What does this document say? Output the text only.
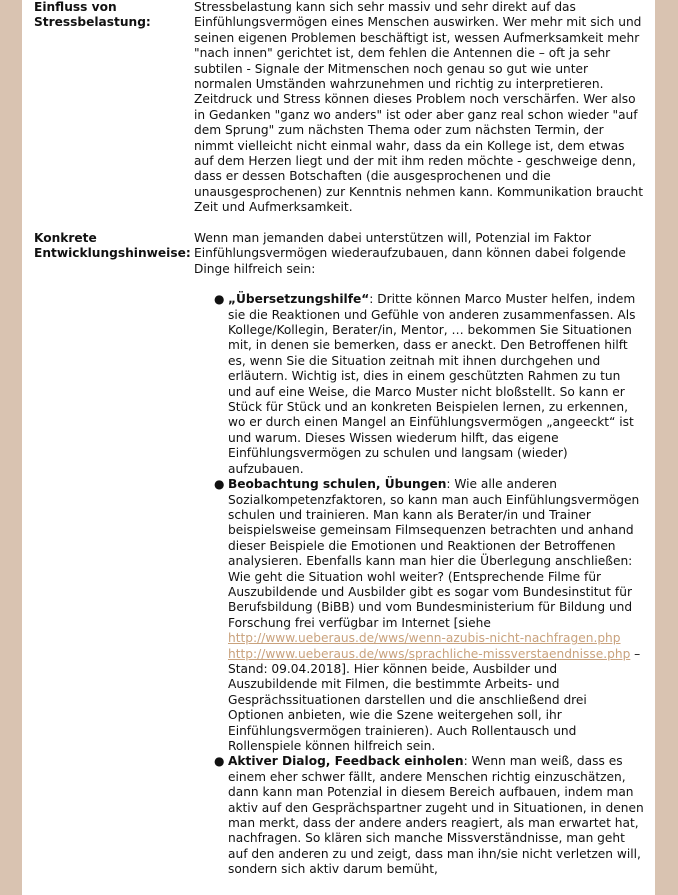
Einfluss von Stressbelastung:

Stressbelastung kann sich sehr massiv und sehr direkt auf das Einfühlungsvermögen eines Menschen auswirken. Wer mehr mit sich und seinen eigenen Problemen beschäftigt ist, wessen Aufmerksamkeit mehr "nach innen" gerichtet ist, dem fehlen die Antennen die – oft ja sehr subtilen - Signale der Mitmenschen noch genau so gut wie unter normalen Umständen wahrzunehmen und richtig zu interpretieren. Zeitdruck und Stress können dieses Problem noch verschärfen. Wer also in Gedanken "ganz wo anders" ist oder aber ganz real schon wieder "auf dem Sprung" zum nächsten Thema oder zum nächsten Termin, der nimmt vielleicht nicht einmal wahr, dass da ein Kollege ist, dem etwas auf dem Herzen liegt und der mit ihm reden möchte - geschweige denn, dass er dessen Botschaften (die ausgesprochenen und die unausgesprochenen) zur Kenntnis nehmen kann. Kommunikation braucht Zeit und Aufmerksamkeit.

Konkrete Entwicklungshinweise:

Wenn man jemanden dabei unterstützen will, Potenzial im Faktor Einfühlungsvermögen wiederaufzubauen, dann können dabei folgende Dinge hilfreich sein:

● „Übersetzungshilfe“: Dritte können Marco Muster helfen, indem sie die Reaktionen und Gefühle von anderen zusammenfassen. Als Kollege/Kollegin, Berater/in, Mentor, … bekommen Sie Situationen mit, in denen sie bemerken, dass er aneckt. Den Betroffenen hilft es, wenn Sie die Situation zeitnah mit ihnen durchgehen und erläutern. Wichtig ist, dies in einem geschützten Rahmen zu tun und auf eine Weise, die Marco Muster nicht bloßstellt. So kann er Stück für Stück und an konkreten Beispielen lernen, zu erkennen, wo er durch einen Mangel an Einfühlungsvermögen „angeeckt“ ist und warum. Dieses Wissen wiederum hilft, das eigene Einfühlungsvermögen zu schulen und langsam (wieder) aufzubauen.
● Beobachtung schulen, Übungen: Wie alle anderen Sozialkompetenzfaktoren, so kann man auch Einfühlungsvermögen schulen und trainieren. Man kann als Berater/in und Trainer beispielsweise gemeinsam Filmsequenzen betrachten und anhand dieser Beispiele die Emotionen und Reaktionen der Betroffenen analysieren. Ebenfalls kann man hier die Überlegung anschließen: Wie geht die Situation wohl weiter? (Entsprechende Filme für Auszubildende und Ausbilder gibt es sogar vom Bundesinstitut für Berufsbildung (BiBB) und vom Bundesministerium für Bildung und Forschung frei verfügbar im Internet [siehe http://www.ueberaus.de/wws/wenn-azubis-nicht-nachfragen.php http://www.ueberaus.de/wws/sprachliche-missverstaendnisse.php – Stand: 09.04.2018]. Hier können beide, Ausbilder und Auszubildende mit Filmen, die bestimmte Arbeits- und Gesprächssituationen darstellen und die anschließend drei Optionen anbieten, wie die Szene weitergehen soll, ihr Einfühlungsvermögen trainieren). Auch Rollentausch und Rollenspiele können hilfreich sein.
● Aktiver Dialog, Feedback einholen: Wenn man weiß, dass es einem eher schwer fällt, andere Menschen richtig einzuschätzen, dann kann man Potenzial in diesem Bereich aufbauen, indem man aktiv auf den Gesprächspartner zugeht und in Situationen, in denen man merkt, dass der andere anders reagiert, als man erwartet hat, nachfragen. So klären sich manche Missverständnisse, man geht auf den anderen zu und zeigt, dass man ihn/sie nicht verletzen will, sondern sich aktiv darum bemüht,
